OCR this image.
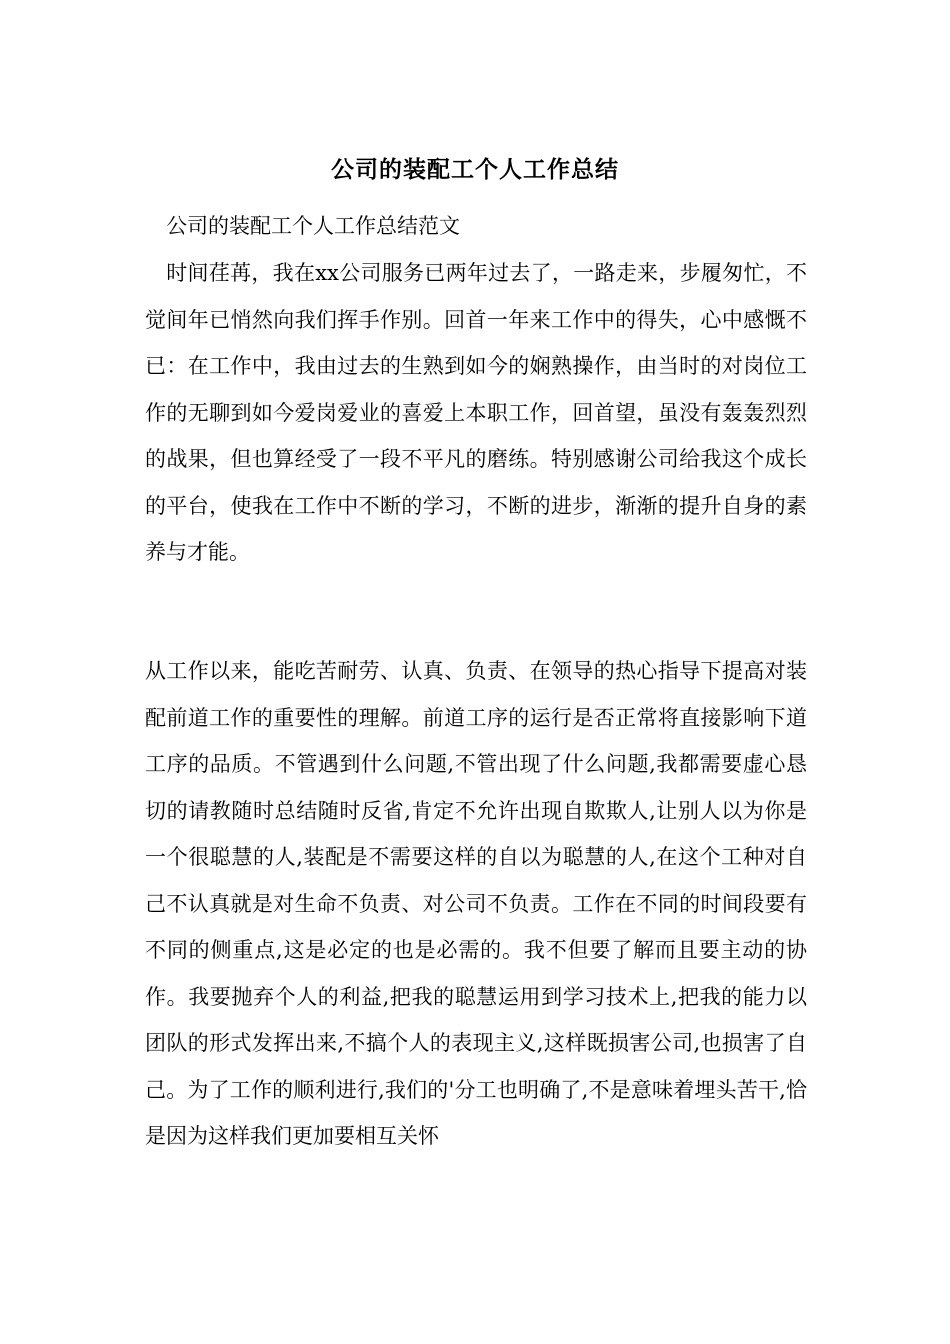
公司的装配工个人工作总结
公司的装配工个人工作总结范文

　时间荏苒，我在xx公司服务已两年过去了，一路走来，步履匆忙，不觉间年已悄然向我们挥手作别。回首一年来工作中的得失，心中感慨不已：在工作中，我由过去的生熟到如今的娴熟操作，由当时的对岗位工作的无聊到如今爱岗爱业的喜爱上本职工作，回首望，虽没有轰轰烈烈的战果，但也算经受了一段不平凡的磨练。特别感谢公司给我这个成长的平台，使我在工作中不断的学习，不断的进步，渐渐的提升自身的素养与才能。

从工作以来，能吃苦耐劳、认真、负责、在领导的热心指导下提高对装配前道工作的重要性的理解。前道工序的运行是否正常将直接影响下道工序的品质。不管遇到什么问题,不管出现了什么问题,我都需要虚心恳切的请教随时总结随时反省,肯定不允许出现自欺欺人,让别人以为你是一个很聪慧的人,装配是不需要这样的自以为聪慧的人,在这个工种对自己不认真就是对生命不负责、对公司不负责。工作在不同的时间段要有不同的侧重点,这是必定的也是必需的。我不但要了解而且要主动的协作。我要抛弃个人的利益,把我的聪慧运用到学习技术上,把我的能力以团队的形式发挥出来,不搞个人的表现主义,这样既损害公司,也损害了自己。为了工作的顺利进行,我们的'分工也明确了,不是意味着埋头苦干,恰是因为这样我们更加要相互关怀
